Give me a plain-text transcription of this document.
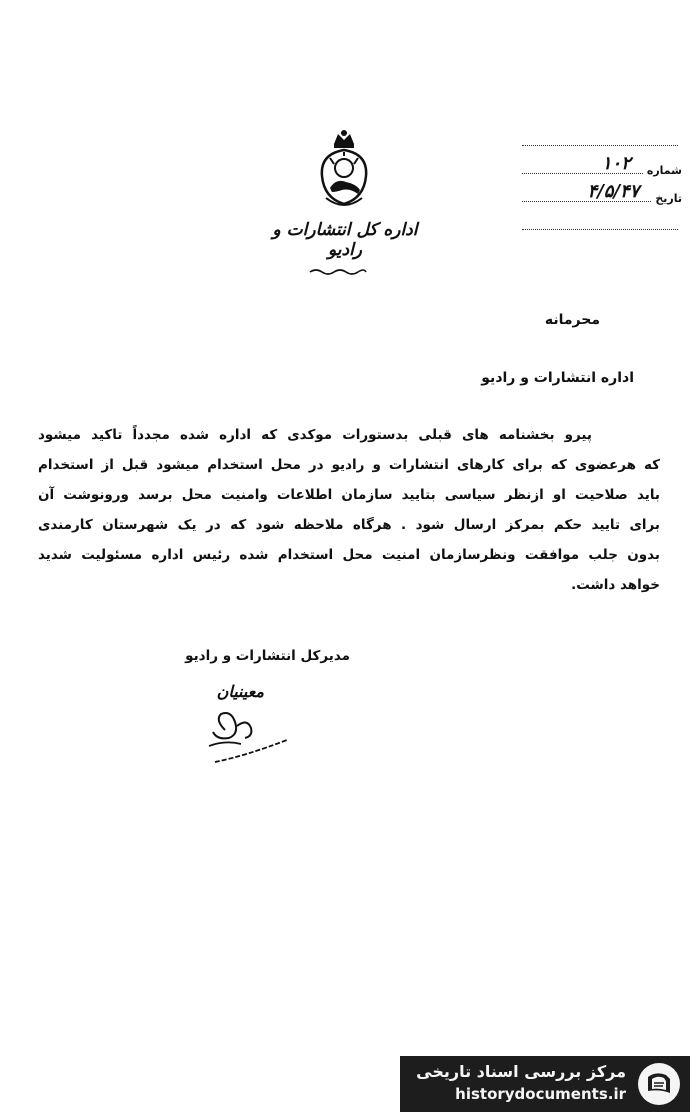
شماره
۱۰۲
تاریخ
۴/۵/۴۷
اداره کل انتشارات و رادیو
محرمانه
اداره انتشارات و رادیو
پیرو بخشنامه های قبلی بدستورات موکدی که اداره شده مجدداً تاکید میشود
که هرعضوی که برای کارهای انتشارات و رادیو در محل استخدام میشود قبل از استخدام
باید صلاحیت او ازنظر سیاسی بتایید سازمان اطلاعات وامنیت محل برسد ورونوشت آن
برای تایید حکم بمرکز ارسال شود . هرگاه ملاحظه شود که در یک شهرستان کارمندی
بدون جلب موافقت ونظرسازمان امنیت محل استخدام شده رئیس اداره مسئولیت شدید
خواهد داشت.
مدیرکل انتشارات و رادیو
معینیان
مرکز بررسی اسناد تاریخی
historydocuments.ir
